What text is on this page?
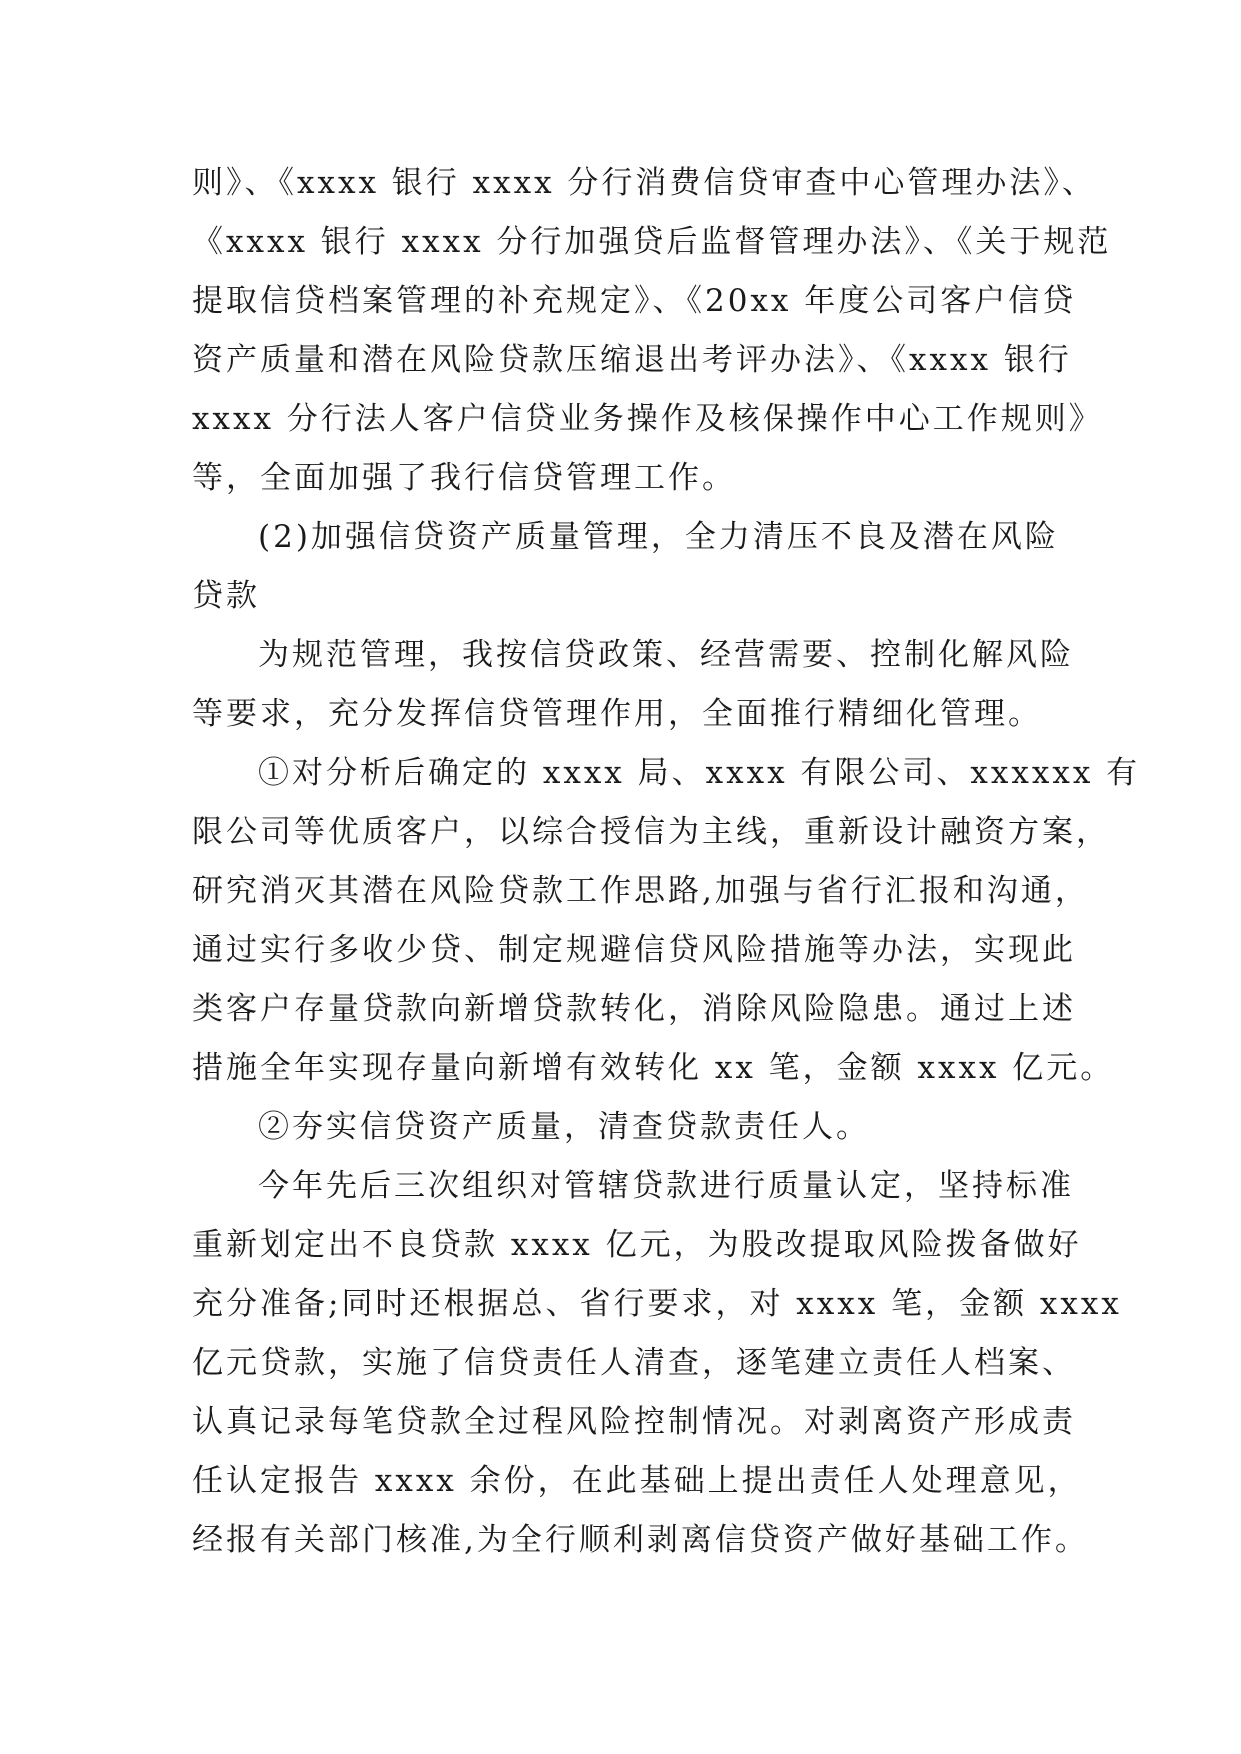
则》、《xxxx 银行 xxxx 分行消费信贷审查中心管理办法》、
《xxxx 银行 xxxx 分行加强贷后监督管理办法》、《关于规范
提取信贷档案管理的补充规定》、《20xx 年度公司客户信贷
资产质量和潜在风险贷款压缩退出考评办法》、《xxxx 银行
xxxx 分行法人客户信贷业务操作及核保操作中心工作规则》
等，全面加强了我行信贷管理工作。
(2)加强信贷资产质量管理，全力清压不良及潜在风险
贷款
为规范管理，我按信贷政策、经营需要、控制化解风险
等要求，充分发挥信贷管理作用，全面推行精细化管理。
①对分析后确定的 xxxx 局、xxxx 有限公司、xxxxxx 有
限公司等优质客户，以综合授信为主线，重新设计融资方案，
研究消灭其潜在风险贷款工作思路,加强与省行汇报和沟通，
通过实行多收少贷、制定规避信贷风险措施等办法，实现此
类客户存量贷款向新增贷款转化，消除风险隐患。通过上述
措施全年实现存量向新增有效转化 xx 笔，金额 xxxx 亿元。
②夯实信贷资产质量，清查贷款责任人。
今年先后三次组织对管辖贷款进行质量认定，坚持标准
重新划定出不良贷款 xxxx 亿元，为股改提取风险拨备做好
充分准备;同时还根据总、省行要求，对 xxxx 笔，金额 xxxx
亿元贷款，实施了信贷责任人清查，逐笔建立责任人档案、
认真记录每笔贷款全过程风险控制情况。对剥离资产形成责
任认定报告 xxxx 余份，在此基础上提出责任人处理意见，
经报有关部门核准,为全行顺利剥离信贷资产做好基础工作。
